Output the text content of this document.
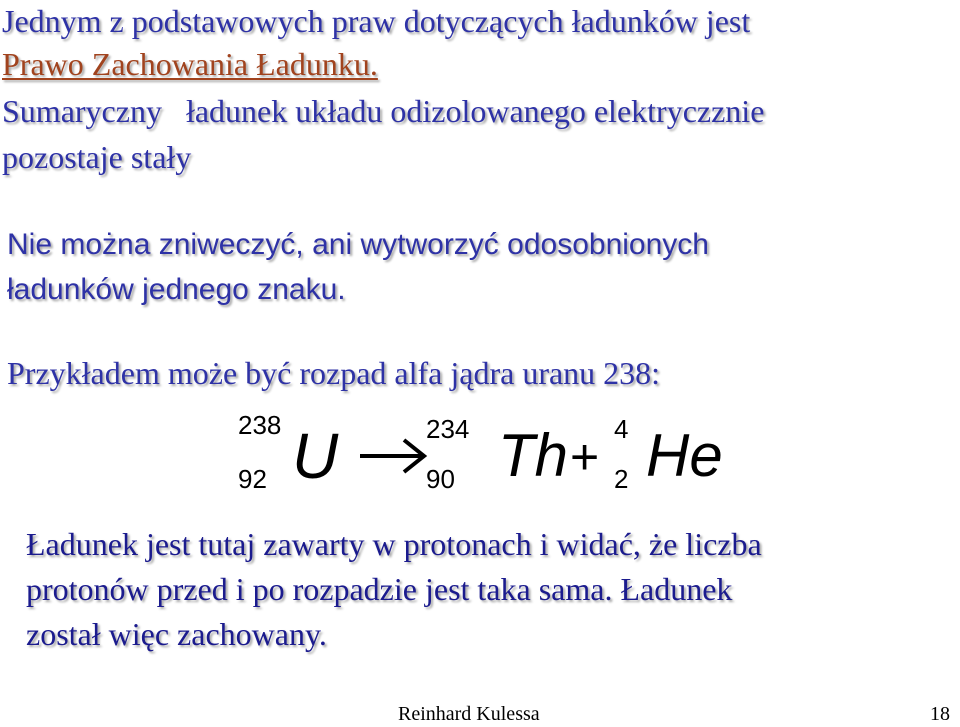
Jednym z podstawowych praw dotyczących ładunków jest
Prawo Zachowania Ładunku.
Sumaryczny   ładunek układu odizolowanego elektryczznie
pozostaje stały
Nie można zniweczyć, ani wytworzyć odosobnionych
ładunków jednego znaku.
Przykładem może być rozpad alfa jądra uranu 238:
238
92 U	234
90 Th + 4
2 He
Ładunek jest tutaj zawarty w protonach i widać, że liczba
protonów przed i po rozpadzie jest taka sama. Ładunek
został więc zachowany.
Reinhard Kulessa	18
